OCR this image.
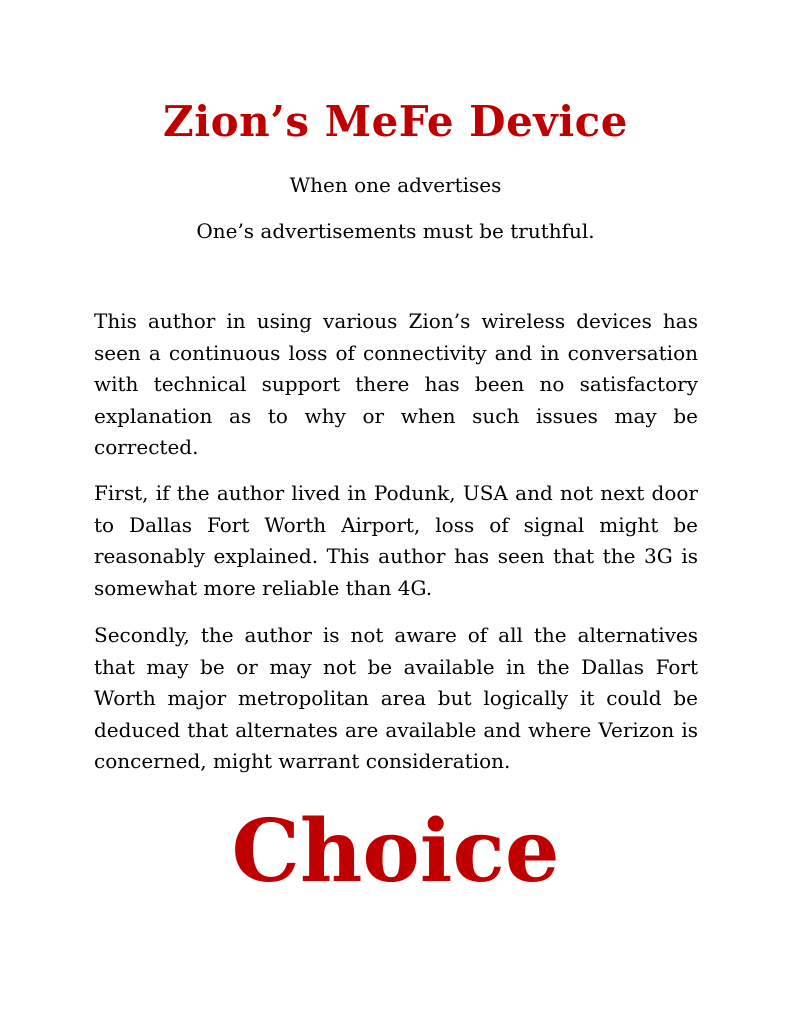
Zion’s MeFe Device
When one advertises
One’s advertisements must be truthful.

This author in using various Zion’s wireless devices has seen a continuous loss of connectivity and in conversation with technical support there has been no satisfactory explanation as to why or when such issues may be corrected.

First, if the author lived in Podunk, USA and not next door to Dallas Fort Worth Airport, loss of signal might be reasonably explained. This author has seen that the 3G is somewhat more reliable than 4G.

Secondly, the author is not aware of all the alternatives that may be or may not be available in the Dallas Fort Worth major metropolitan area but logically it could be deduced that alternates are available and where Verizon is concerned, might warrant consideration.

Choice
